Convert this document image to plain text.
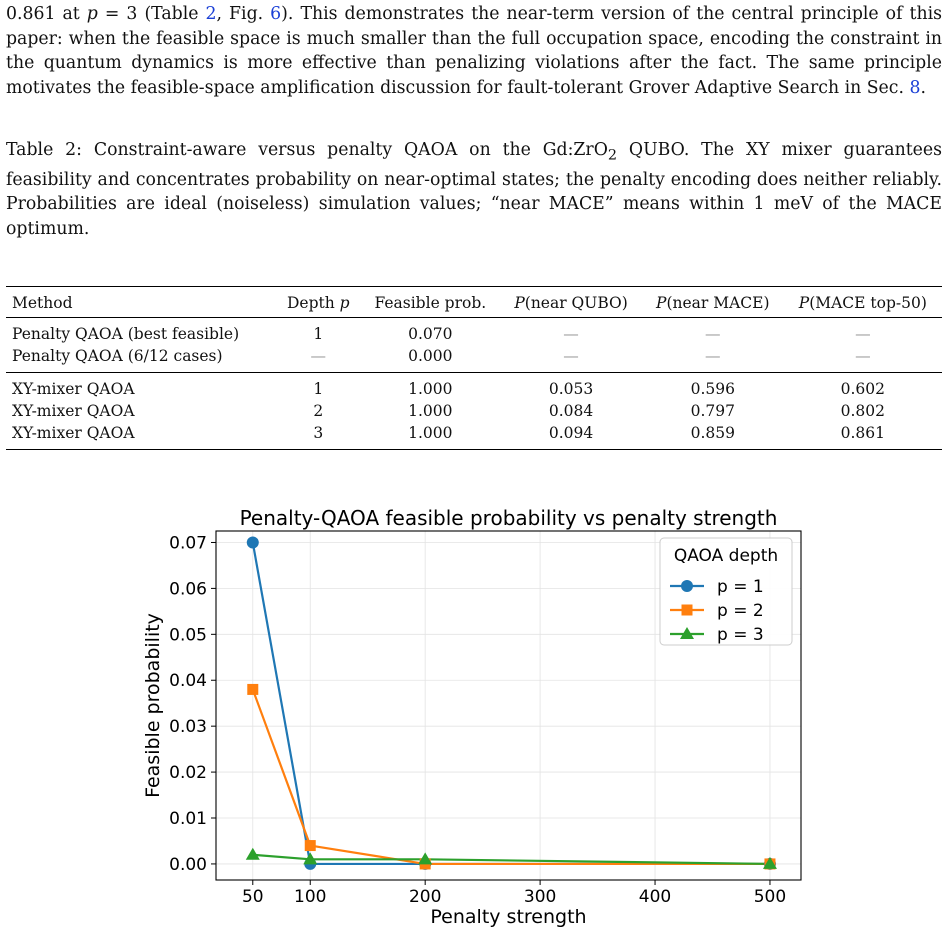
0.861 at p = 3 (Table 2, Fig. 6). This demonstrates the near-term version of the central principle of this paper: when the feasible space is much smaller than the full occupation space, encoding the constraint in the quantum dynamics is more effective than penalizing violations after the fact. The same principle motivates the feasible-space amplification discussion for fault-tolerant Grover Adaptive Search in Sec. 8.
Table 2: Constraint-aware versus penalty QAOA on the Gd:ZrO$_2$ QUBO. The XY mixer guarantees feasibility and concentrates probability on near-optimal states; the penalty encoding does neither reliably. Probabilities are ideal (noiseless) simulation values; “near MACE” means within 1 meV of the MACE optimum.
Method	Depth p	Feasible prob.	P(near QUBO)	P(near MACE)	P(MACE top-50)
Penalty QAOA (best feasible)	1	0.070	—	—	—
Penalty QAOA (6/12 cases)	—	0.000	—	—	—
XY-mixer QAOA	1	1.000	0.053	0.596	0.602
XY-mixer QAOA	2	1.000	0.084	0.797	0.802
XY-mixer QAOA	3	1.000	0.094	0.859	0.861
50 100	200	300	400	500
0.00
0.01
0.02
0.03
0.04
0.05
0.06
0.07
Penalty-QAOA feasible probability vs penalty strength
Penalty strength
Feasible probability
QAOA depth
p = 1
p = 2
p = 3
